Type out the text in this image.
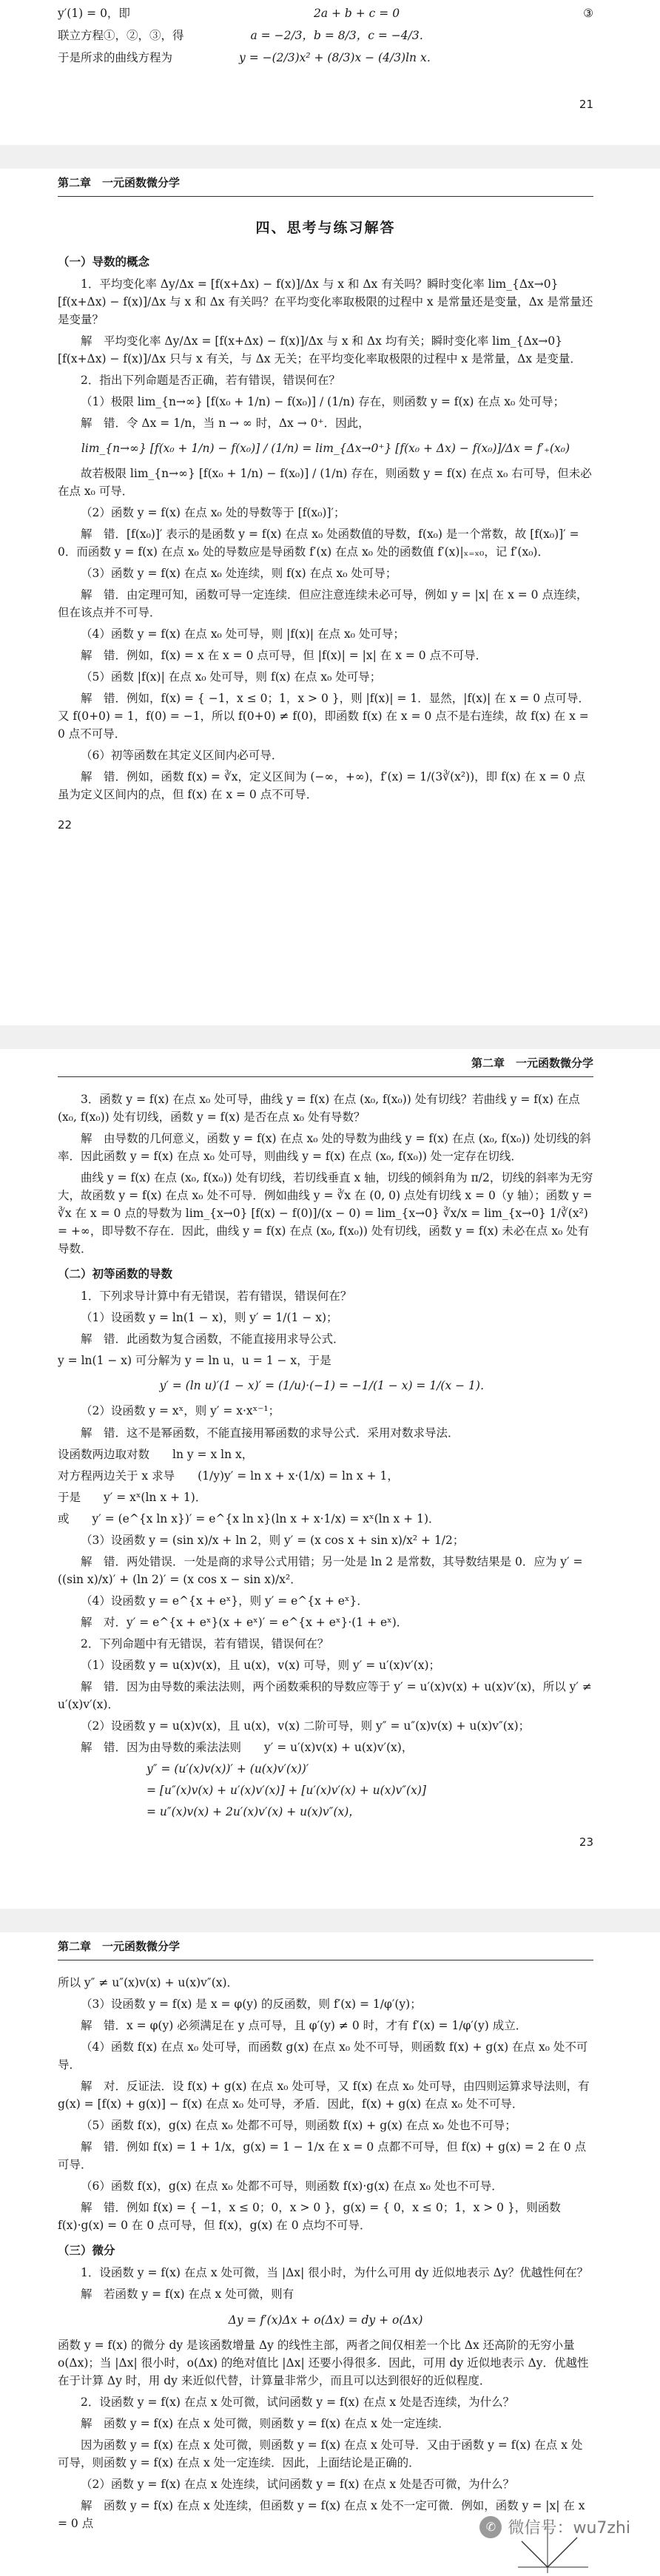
y′(1) = 0，即	2a + b + c = 0	③
联立方程①，②，③，得	a = −2/3，b = 8/3，c = −4/3．
于是所求的曲线方程为	y = −(2/3)x² + (8/3)x − (4/3)ln x．
21
第二章　一元函数微分学
四、思考与练习解答
（一）导数的概念

1．平均变化率 Δy/Δx = [f(x+Δx) − f(x)]/Δx 与 x 和 Δx 有关吗？瞬时变化率 lim_{Δx→0} [f(x+Δx) − f(x)]/Δx 与 x 和 Δx 有关吗？在平均变化率取极限的过程中 x 是常量还是变量，Δx 是常量还是变量？

解　平均变化率 Δy/Δx = [f(x+Δx) − f(x)]/Δx 与 x 和 Δx 均有关；瞬时变化率 lim_{Δx→0} [f(x+Δx) − f(x)]/Δx 只与 x 有关，与 Δx 无关；在平均变化率取极限的过程中 x 是常量，Δx 是变量．

2．指出下列命题是否正确，若有错误，错误何在？

（1）极限 lim_{n→∞} [f(x₀ + 1/n) − f(x₀)] / (1/n) 存在，则函数 y = f(x) 在点 x₀ 处可导；

解　错．令 Δx = 1/n，当 n → ∞ 时，Δx → 0⁺．因此，

lim_{n→∞} [f(x₀ + 1/n) − f(x₀)] / (1/n) = lim_{Δx→0⁺} [f(x₀ + Δx) − f(x₀)]/Δx = f′₊(x₀)

故若极限 lim_{n→∞} [f(x₀ + 1/n) − f(x₀)] / (1/n) 存在，则函数 y = f(x) 在点 x₀ 右可导，但未必在点 x₀ 可导．

（2）函数 y = f(x) 在点 x₀ 处的导数等于 [f(x₀)]′；

解　错．[f(x₀)]′ 表示的是函数 y = f(x) 在点 x₀ 处函数值的导数，f(x₀) 是一个常数，故 [f(x₀)]′ = 0．而函数 y = f(x) 在点 x₀ 处的导数应是导函数 f′(x) 在点 x₀ 处的函数值 f′(x)|ₓ₌ₓ₀，记 f′(x₀)．

（3）函数 y = f(x) 在点 x₀ 处连续，则 f(x) 在点 x₀ 处可导；

解　错．由定理可知，函数可导一定连续．但应注意连续未必可导，例如 y = |x| 在 x = 0 点连续，但在该点并不可导．

（4）函数 y = f(x) 在点 x₀ 处可导，则 |f(x)| 在点 x₀ 处可导；

解　错．例如，f(x) = x 在 x = 0 点可导，但 |f(x)| = |x| 在 x = 0 点不可导．

（5）函数 |f(x)| 在点 x₀ 处可导，则 f(x) 在点 x₀ 处可导；

解　错．例如，f(x) = { −1，x ≤ 0；1，x > 0 }，则 |f(x)| = 1．显然，|f(x)| 在 x = 0 点可导．又 f(0+0) = 1，f(0) = −1，所以 f(0+0) ≠ f(0)，即函数 f(x) 在 x = 0 点不是右连续，故 f(x) 在 x = 0 点不可导．

（6）初等函数在其定义区间内必可导．

解　错．例如，函数 f(x) = ∛x，定义区间为 (−∞，+∞)，f′(x) = 1/(3∛(x²))，即 f(x) 在 x = 0 点虽为定义区间内的点，但 f(x) 在 x = 0 点不可导．

22
第二章　一元函数微分学

3．函数 y = f(x) 在点 x₀ 处可导，曲线 y = f(x) 在点 (x₀, f(x₀)) 处有切线？若曲线 y = f(x) 在点 (x₀, f(x₀)) 处有切线，函数 y = f(x) 是否在点 x₀ 处有导数？

解　由导数的几何意义，函数 y = f(x) 在点 x₀ 处的导数为曲线 y = f(x) 在点 (x₀, f(x₀)) 处切线的斜率．因此函数 y = f(x) 在点 x₀ 处可导，则曲线 y = f(x) 在点 (x₀, f(x₀)) 处一定存在切线．

曲线 y = f(x) 在点 (x₀, f(x₀)) 处有切线，若切线垂直 x 轴，切线的倾斜角为 π/2，切线的斜率为无穷大，故函数 y = f(x) 在点 x₀ 处不可导．例如曲线 y = ∛x 在 (0, 0) 点处有切线 x = 0（y 轴）；函数 y = ∛x 在 x = 0 点的导数为 lim_{x→0} [f(x) − f(0)]/(x − 0) = lim_{x→0} ∛x/x = lim_{x→0} 1/∛(x²) = +∞，即导数不存在．因此，曲线 y = f(x) 在点 (x₀, f(x₀)) 处有切线，函数 y = f(x) 未必在点 x₀ 处有导数．

（二）初等函数的导数

1．下列求导计算中有无错误，若有错误，错误何在？

（1）设函数 y = ln(1 − x)，则 y′ = 1/(1 − x)；

解　错．此函数为复合函数，不能直接用求导公式．

y = ln(1 − x) 可分解为 y = ln u，u = 1 − x，于是

y′ = (ln u)′(1 − x)′ = (1/u)·(−1) = −1/(1 − x) = 1/(x − 1)．

（2）设函数 y = xˣ，则 y′ = x·xˣ⁻¹；

解　错．这不是幂函数，不能直接用幂函数的求导公式．采用对数求导法．

设函数两边取对数　　ln y = x ln x，

对方程两边关于 x 求导　　(1/y)y′ = ln x + x·(1/x) = ln x + 1，

于是　　y′ = xˣ(ln x + 1)．

或　　y′ = (e^{x ln x})′ = e^{x ln x}(ln x + x·1/x) = xˣ(ln x + 1)．

（3）设函数 y = (sin x)/x + ln 2，则 y′ = (x cos x + sin x)/x² + 1/2；

解　错．两处错误．一处是商的求导公式用错；另一处是 ln 2 是常数，其导数结果是 0．应为 y′ = ((sin x)/x)′ + (ln 2)′ = (x cos x − sin x)/x²．

（4）设函数 y = e^{x + eˣ}，则 y′ = e^{x + eˣ}．

解　对．y′ = e^{x + eˣ}(x + eˣ)′ = e^{x + eˣ}·(1 + eˣ)．

2．下列命题中有无错误，若有错误，错误何在？

（1）设函数 y = u(x)v(x)，且 u(x)，v(x) 可导，则 y′ = u′(x)v′(x)；

解　错．因为由导数的乘法法则，两个函数乘积的导数应等于 y′ = u′(x)v(x) + u(x)v′(x)，所以 y′ ≠ u′(x)v′(x)．

（2）设函数 y = u(x)v(x)，且 u(x)，v(x) 二阶可导，则 y″ = u″(x)v(x) + u(x)v″(x)；

解　错．因为由导数的乘法法则　　y′ = u′(x)v(x) + u(x)v′(x)，

y″ = (u′(x)v(x))′ + (u(x)v′(x))′

= [u″(x)v(x) + u′(x)v′(x)] + [u′(x)v′(x) + u(x)v″(x)]

= u″(x)v(x) + 2u′(x)v′(x) + u(x)v″(x)，

23
第二章　一元函数微分学

所以 y″ ≠ u″(x)v(x) + u(x)v″(x)．

（3）设函数 y = f(x) 是 x = φ(y) 的反函数，则 f′(x) = 1/φ′(y)；

解　错．x = φ(y) 必须满足在 y 点可导，且 φ′(y) ≠ 0 时，才有 f′(x) = 1/φ′(y) 成立．

（4）函数 f(x) 在点 x₀ 处可导，而函数 g(x) 在点 x₀ 处不可导，则函数 f(x) + g(x) 在点 x₀ 处不可导．

解　对．反证法．设 f(x) + g(x) 在点 x₀ 处可导，又 f(x) 在点 x₀ 处可导，由四则运算求导法则，有 g(x) = [f(x) + g(x)] − f(x) 在点 x₀ 处可导，矛盾．因此，f(x) + g(x) 在点 x₀ 处不可导．

（5）函数 f(x)，g(x) 在点 x₀ 处都不可导，则函数 f(x) + g(x) 在点 x₀ 处也不可导；

解　错．例如 f(x) = 1 + 1/x，g(x) = 1 − 1/x 在 x = 0 点都不可导，但 f(x) + g(x) = 2 在 0 点可导．

（6）函数 f(x)，g(x) 在点 x₀ 处都不可导，则函数 f(x)·g(x) 在点 x₀ 处也不可导．

解　错．例如 f(x) = { −1，x ≤ 0；0，x > 0 }，g(x) = { 0，x ≤ 0；1，x > 0 }，则函数 f(x)·g(x) = 0 在 0 点可导，但 f(x)，g(x) 在 0 点均不可导．

（三）微分

1．设函数 y = f(x) 在点 x 处可微，当 |Δx| 很小时，为什么可用 dy 近似地表示 Δy？优越性何在？

解　若函数 y = f(x) 在点 x 处可微，则有

Δy = f′(x)Δx + o(Δx) = dy + o(Δx)

函数 y = f(x) 的微分 dy 是该函数增量 Δy 的线性主部，两者之间仅相差一个比 Δx 还高阶的无穷小量 o(Δx)；当 |Δx| 很小时，o(Δx) 的绝对值比 |Δx| 还要小得很多．因此，可用 dy 近似地表示 Δy．优越性在于计算 Δy 时，用 dy 来近似代替，计算量非常少，而且可以达到很好的近似程度．

2．设函数 y = f(x) 在点 x 处可微，试问函数 y = f(x) 在点 x 处是否连续，为什么？

解　函数 y = f(x) 在点 x 处可微，则函数 y = f(x) 在点 x 处一定连续．

因为函数 y = f(x) 在点 x 处可微，则函数 y = f(x) 在点 x 处可导．又由于函数 y = f(x) 在点 x 处可导，则函数 y = f(x) 在点 x 处一定连续．因此，上面结论是正确的．

（2）函数 y = f(x) 在点 x 处连续，试问函数 y = f(x) 在点 x 处是否可微，为什么？

解　函数 y = f(x) 在点 x 处连续，但函数 y = f(x) 在点 x 处不一定可微．例如，函数 y = |x| 在 x = 0 点	✆ 微信号：wu7zhi
